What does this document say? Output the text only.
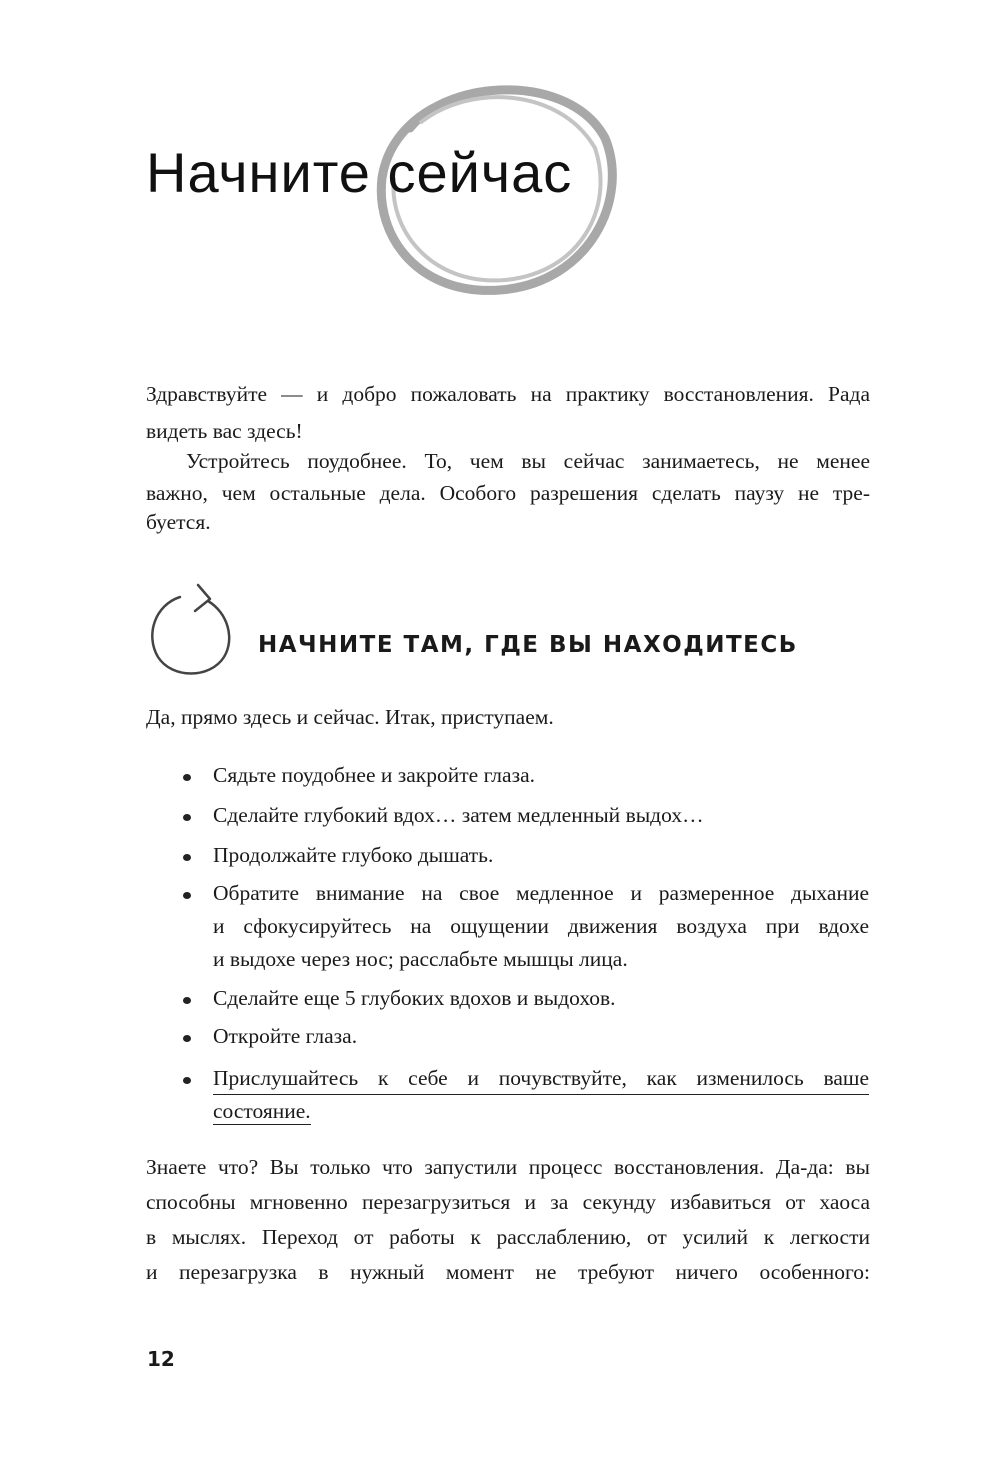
Начните сейчас
Здравствуйте — и добро пожаловать на практику восстановления. Рада
видеть вас здесь!
Устройтесь поудобнее. То, чем вы сейчас занимаетесь, не менее
важно, чем остальные дела. Особого разрешения сделать паузу не тре-
буется.
НАЧНИТЕ ТАМ, ГДЕ ВЫ НАХОДИТЕСЬ
Да, прямо здесь и сейчас. Итак, приступаем.
Сядьте поудобнее и закройте глаза.
Сделайте глубокий вдох… затем медленный выдох…
Продолжайте глубоко дышать.
Обратите внимание на свое медленное и размеренное дыхание
и сфокусируйтесь на ощущении движения воздуха при вдохе
и выдохе через нос; расслабьте мышцы лица.
Сделайте еще 5 глубоких вдохов и выдохов.
Откройте глаза.
Прислушайтесь к себе и почувствуйте, как изменилось ваше
состояние.
Знаете что? Вы только что запустили процесс восстановления. Да-да: вы
способны мгновенно перезагрузиться и за секунду избавиться от хаоса
в мыслях. Переход от работы к расслаблению, от усилий к легкости
и перезагрузка в нужный момент не требуют ничего особенного:
12
